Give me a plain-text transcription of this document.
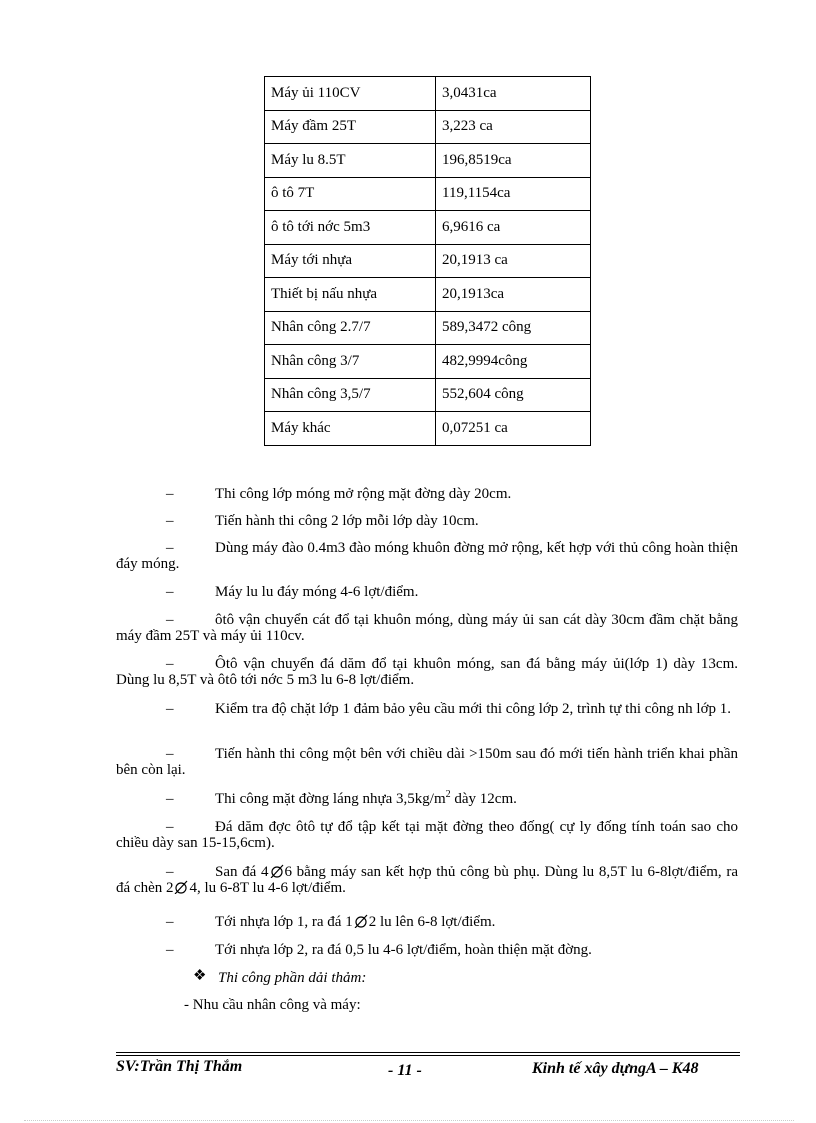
Máy ủi 110CV	3,0431ca
Máy đầm 25T	3,223 ca
Máy lu 8.5T	196,8519ca
ô tô 7T	119,1154ca
ô tô tới nớc 5m3	6,9616 ca
Máy tới nhựa	20,1913 ca
Thiết bị nấu nhựa	20,1913ca
Nhân công 2.7/7	589,3472 công
Nhân công 3/7	482,9994công
Nhân công 3,5/7	552,604 công
Máy khác	0,07251 ca
–	Thi công lớp móng mở rộng mặt đờng dày 20cm.
–	Tiến hành thi công 2 lớp mỗi lớp dày 10cm.

–	Dùng máy đào 0.4m3 đào móng khuôn đờng mở rộng, kết hợp với thủ công hoàn thiện đáy móng.

–	Máy lu lu đáy móng 4-6 lợt/điểm.

–	ôtô vận chuyển cát đổ tại khuôn móng, dùng máy ủi san cát dày 30cm đầm chặt bằng máy đầm 25T và máy ủi 110cv.

–	Ôtô vận chuyển đá dăm đổ tại khuôn móng, san đá bằng máy ủi(lớp 1) dày 13cm. Dùng lu 8,5T và ôtô tới nớc 5 m3 lu 6-8 lợt/điểm.

–	Kiểm tra độ chặt lớp 1 đảm bảo yêu cầu mới thi công lớp 2, trình tự thi công nh lớp 1.

–	Tiến hành thi công một bên với chiều dài >150m sau đó mới tiến hành triển khai phần bên còn lại.

–	Thi công mặt đờng láng nhựa $3,5kg/m^2$ dày 12cm.

–	Đá dăm đợc ôtô tự đổ tập kết tại mặt đờng theo đống( cự ly đống tính toán sao cho chiều dày san 15-15,6cm).

–	San đá 4 6 bằng máy san kết hợp thủ công bù phụ. Dùng lu 8,5T lu 6-8lợt/điểm, ra đá chèn 2 4, lu 6-8T lu 4-6 lợt/điểm.

–	Tới nhựa lớp 1, ra đá 1 2 lu lên 6-8 lợt/điểm.
–	Tới nhựa lớp 2, ra đá 0,5 lu 4-6 lợt/điểm, hoàn thiện mặt đờng.
❖ Thi công phần dải thảm:
- Nhu cầu nhân công và máy:
SV:Trần Thị Thắm	- 11 -	Kinh tế xây dựngA – K48
